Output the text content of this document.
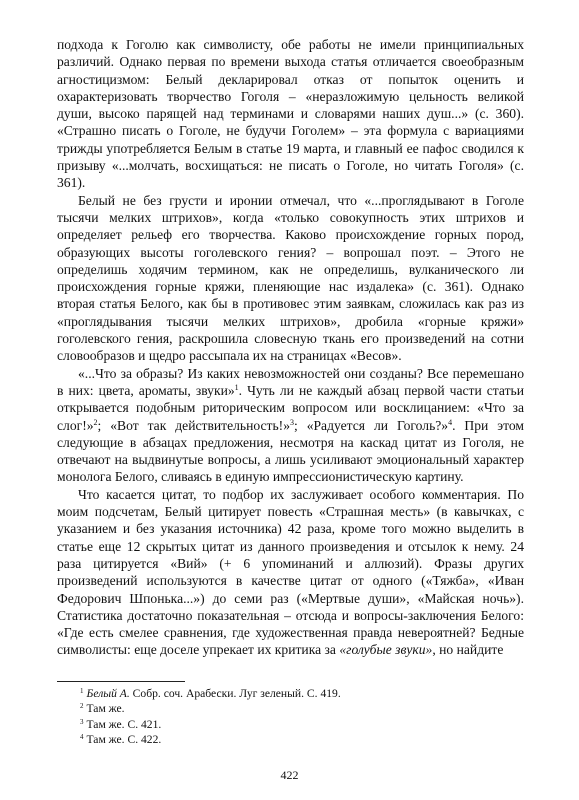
подхода к Гоголю как символисту, обе работы не имели принципиальных различий. Однако первая по времени выхода статья отличается своеобразным агностицизмом: Белый декларировал отказ от попыток оценить и охарактеризовать творчество Гоголя – «неразложимую цельность великой души, высоко парящей над терминами и словарями наших душ...» (с. 360). «Страшно писать о Гоголе, не будучи Гоголем» – эта формула с вариациями трижды употребляется Белым в статье 19 марта, и главный ее пафос сводился к призыву «...молчать, восхищаться: не писать о Гоголе, но читать Гоголя» (с. 361).

Белый не без грусти и иронии отмечал, что «...проглядывают в Гоголе тысячи мелких штрихов», когда «только совокупность этих штрихов и определяет рельеф его творчества. Каково происхождение горных пород, образующих высоты гоголевского гения? – вопрошал поэт. – Этого не определишь ходячим термином, как не определишь, вулканического ли происхождения горные кряжи, пленяющие нас издалека» (с. 361). Однако вторая статья Белого, как бы в противовес этим заявкам, сложилась как раз из «проглядывания тысячи мелких штрихов», дробила «горные кряжи» гоголевского гения, раскрошила словесную ткань его произведений на сотни словообразов и щедро рассыпала их на страницах «Весов».

«...Что за образы? Из каких невозможностей они созданы? Все перемешано в них: цвета, ароматы, звуки»$^1$. Чуть ли не каждый абзац первой части статьи открывается подобным риторическим вопросом или восклицанием: «Что за слог!»$^2$; «Вот так действительность!»$^3$; «Радуется ли Гоголь?»$^4$. При этом следующие в абзацах предложения, несмотря на каскад цитат из Гоголя, не отвечают на выдвинутые вопросы, а лишь усиливают эмоциональный характер монолога Белого, сливаясь в единую импрессионистическую картину.

Что касается цитат, то подбор их заслуживает особого комментария. По моим подсчетам, Белый цитирует повесть «Страшная месть» (в кавычках, с указанием и без указания источника) 42 раза, кроме того можно выделить в статье еще 12 скрытых цитат из данного произведения и отсылок к нему. 24 раза цитируется «Вий» (+ 6 упоминаний и аллюзий). Фразы других произведений используются в качестве цитат от одного («Тяжба», «Иван Федорович Шпонька...») до семи раз («Мертвые души», «Майская ночь»). Статистика достаточно показательная – отсюда и вопросы-заключения Белого: «Где есть смелее сравнения, где художественная правда невероятней? Бедные символисты: еще доселе упрекает их критика за «голубые звуки», но найдите

$^1$ Белый А. Собр. соч. Арабески. Луг зеленый. С. 419.

$^2$ Там же.

$^3$ Там же. С. 421.

$^4$ Там же. С. 422.

422
